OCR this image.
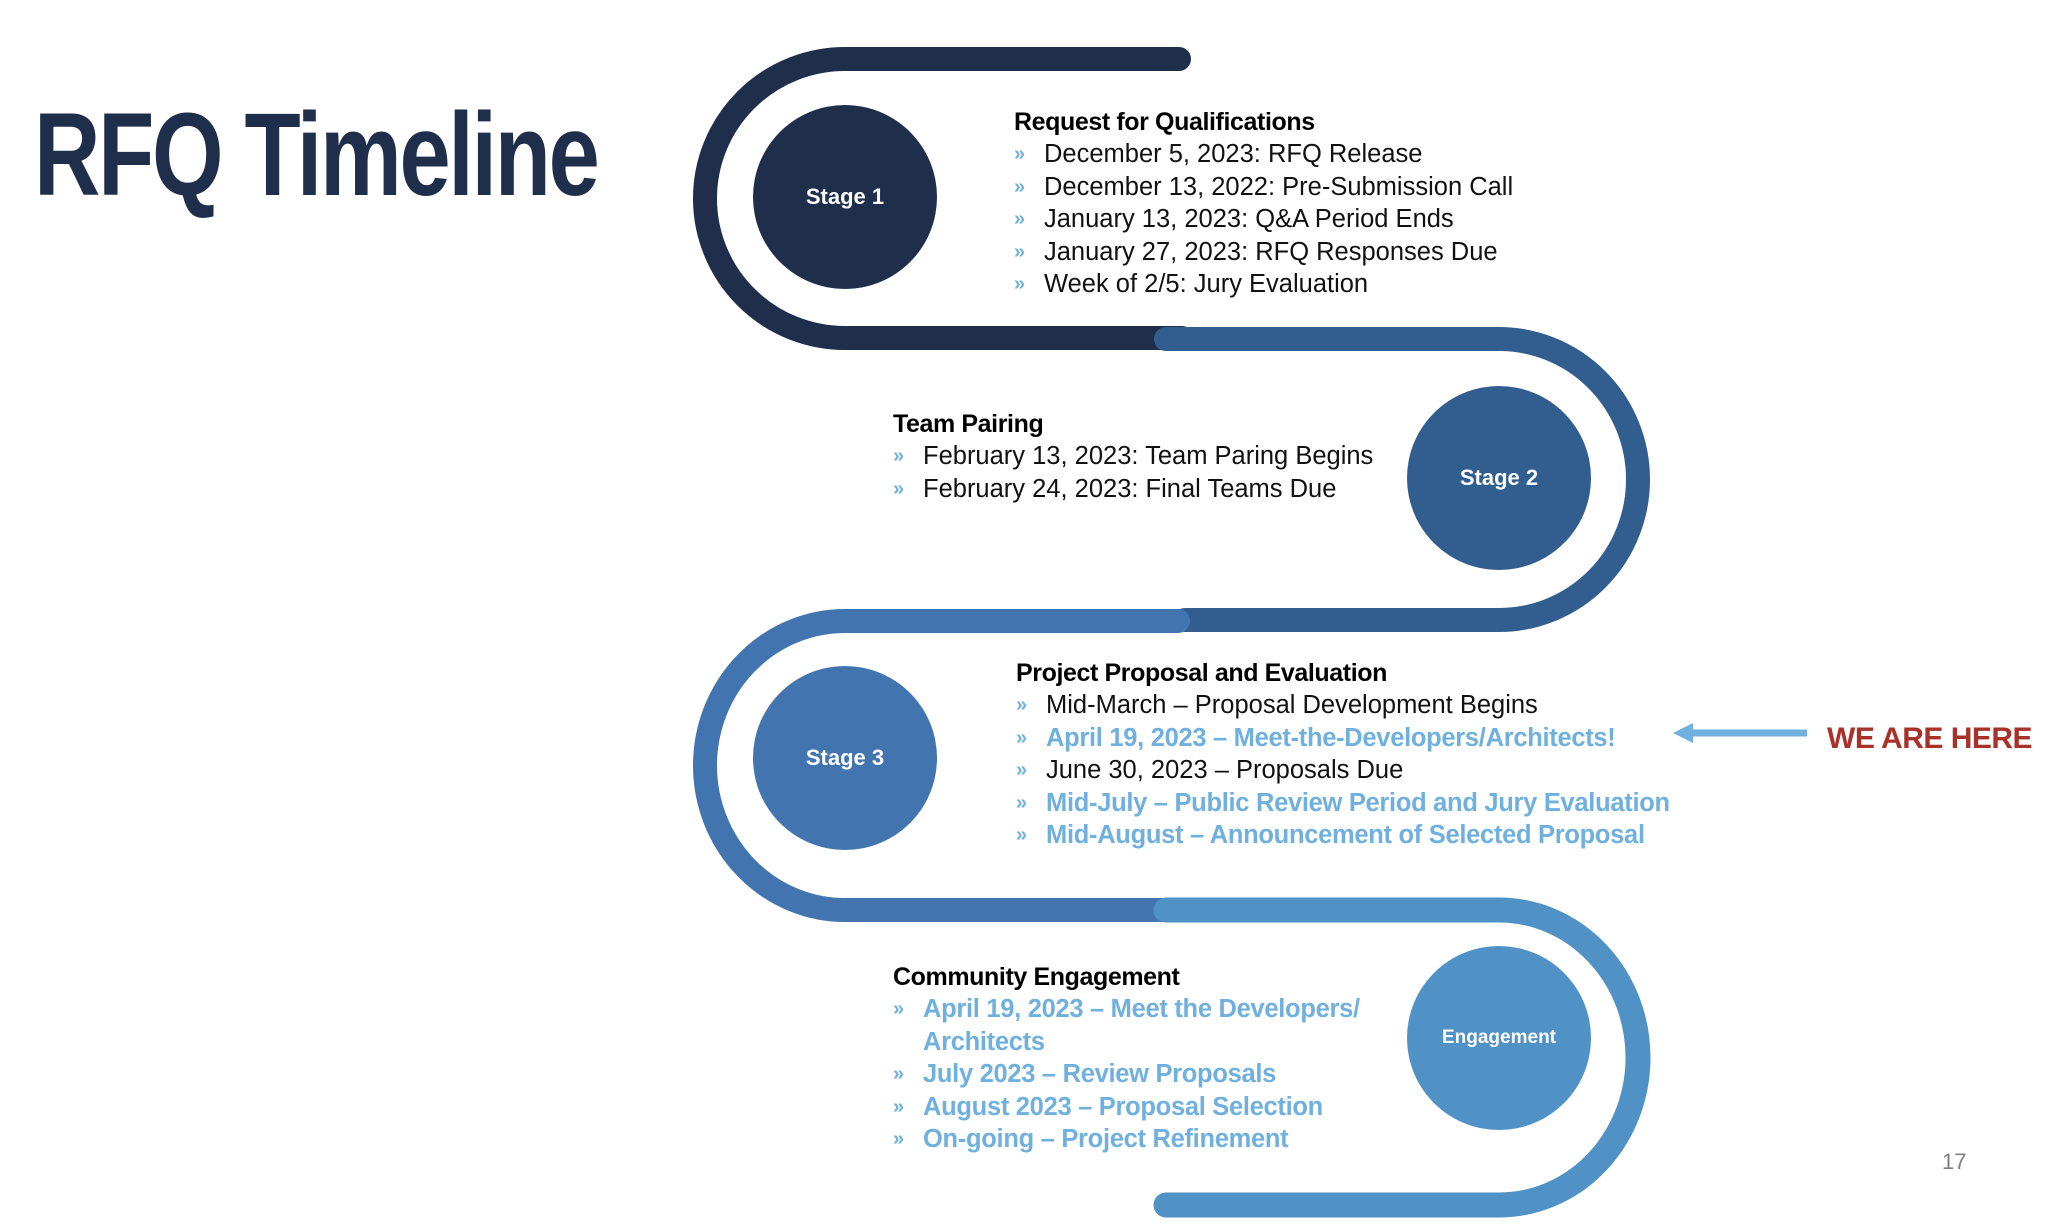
RFQ Timeline	Stage 1
Stage 2
Stage 3
Engagement
Request for Qualifications
» December 5, 2023: RFQ Release
» December 13, 2022: Pre-Submission Call
» January 13, 2023: Q&A Period Ends
» January 27, 2023: RFQ Responses Due
» Week of 2/5: Jury Evaluation
Team Pairing
» February 13, 2023: Team Paring Begins
» February 24, 2023: Final Teams Due
Project Proposal and Evaluation
» Mid-March – Proposal Development Begins
» April 19, 2023 – Meet-the-Developers/Architects!
» June 30, 2023 – Proposals Due
» Mid-July – Public Review Period and Jury Evaluation
» Mid-August – Announcement of Selected Proposal
Community Engagement
» April 19, 2023 – Meet the Developers/
Architects
» July 2023 – Review Proposals
» August 2023 – Proposal Selection
» On-going – Project Refinement
WE ARE HERE
17
